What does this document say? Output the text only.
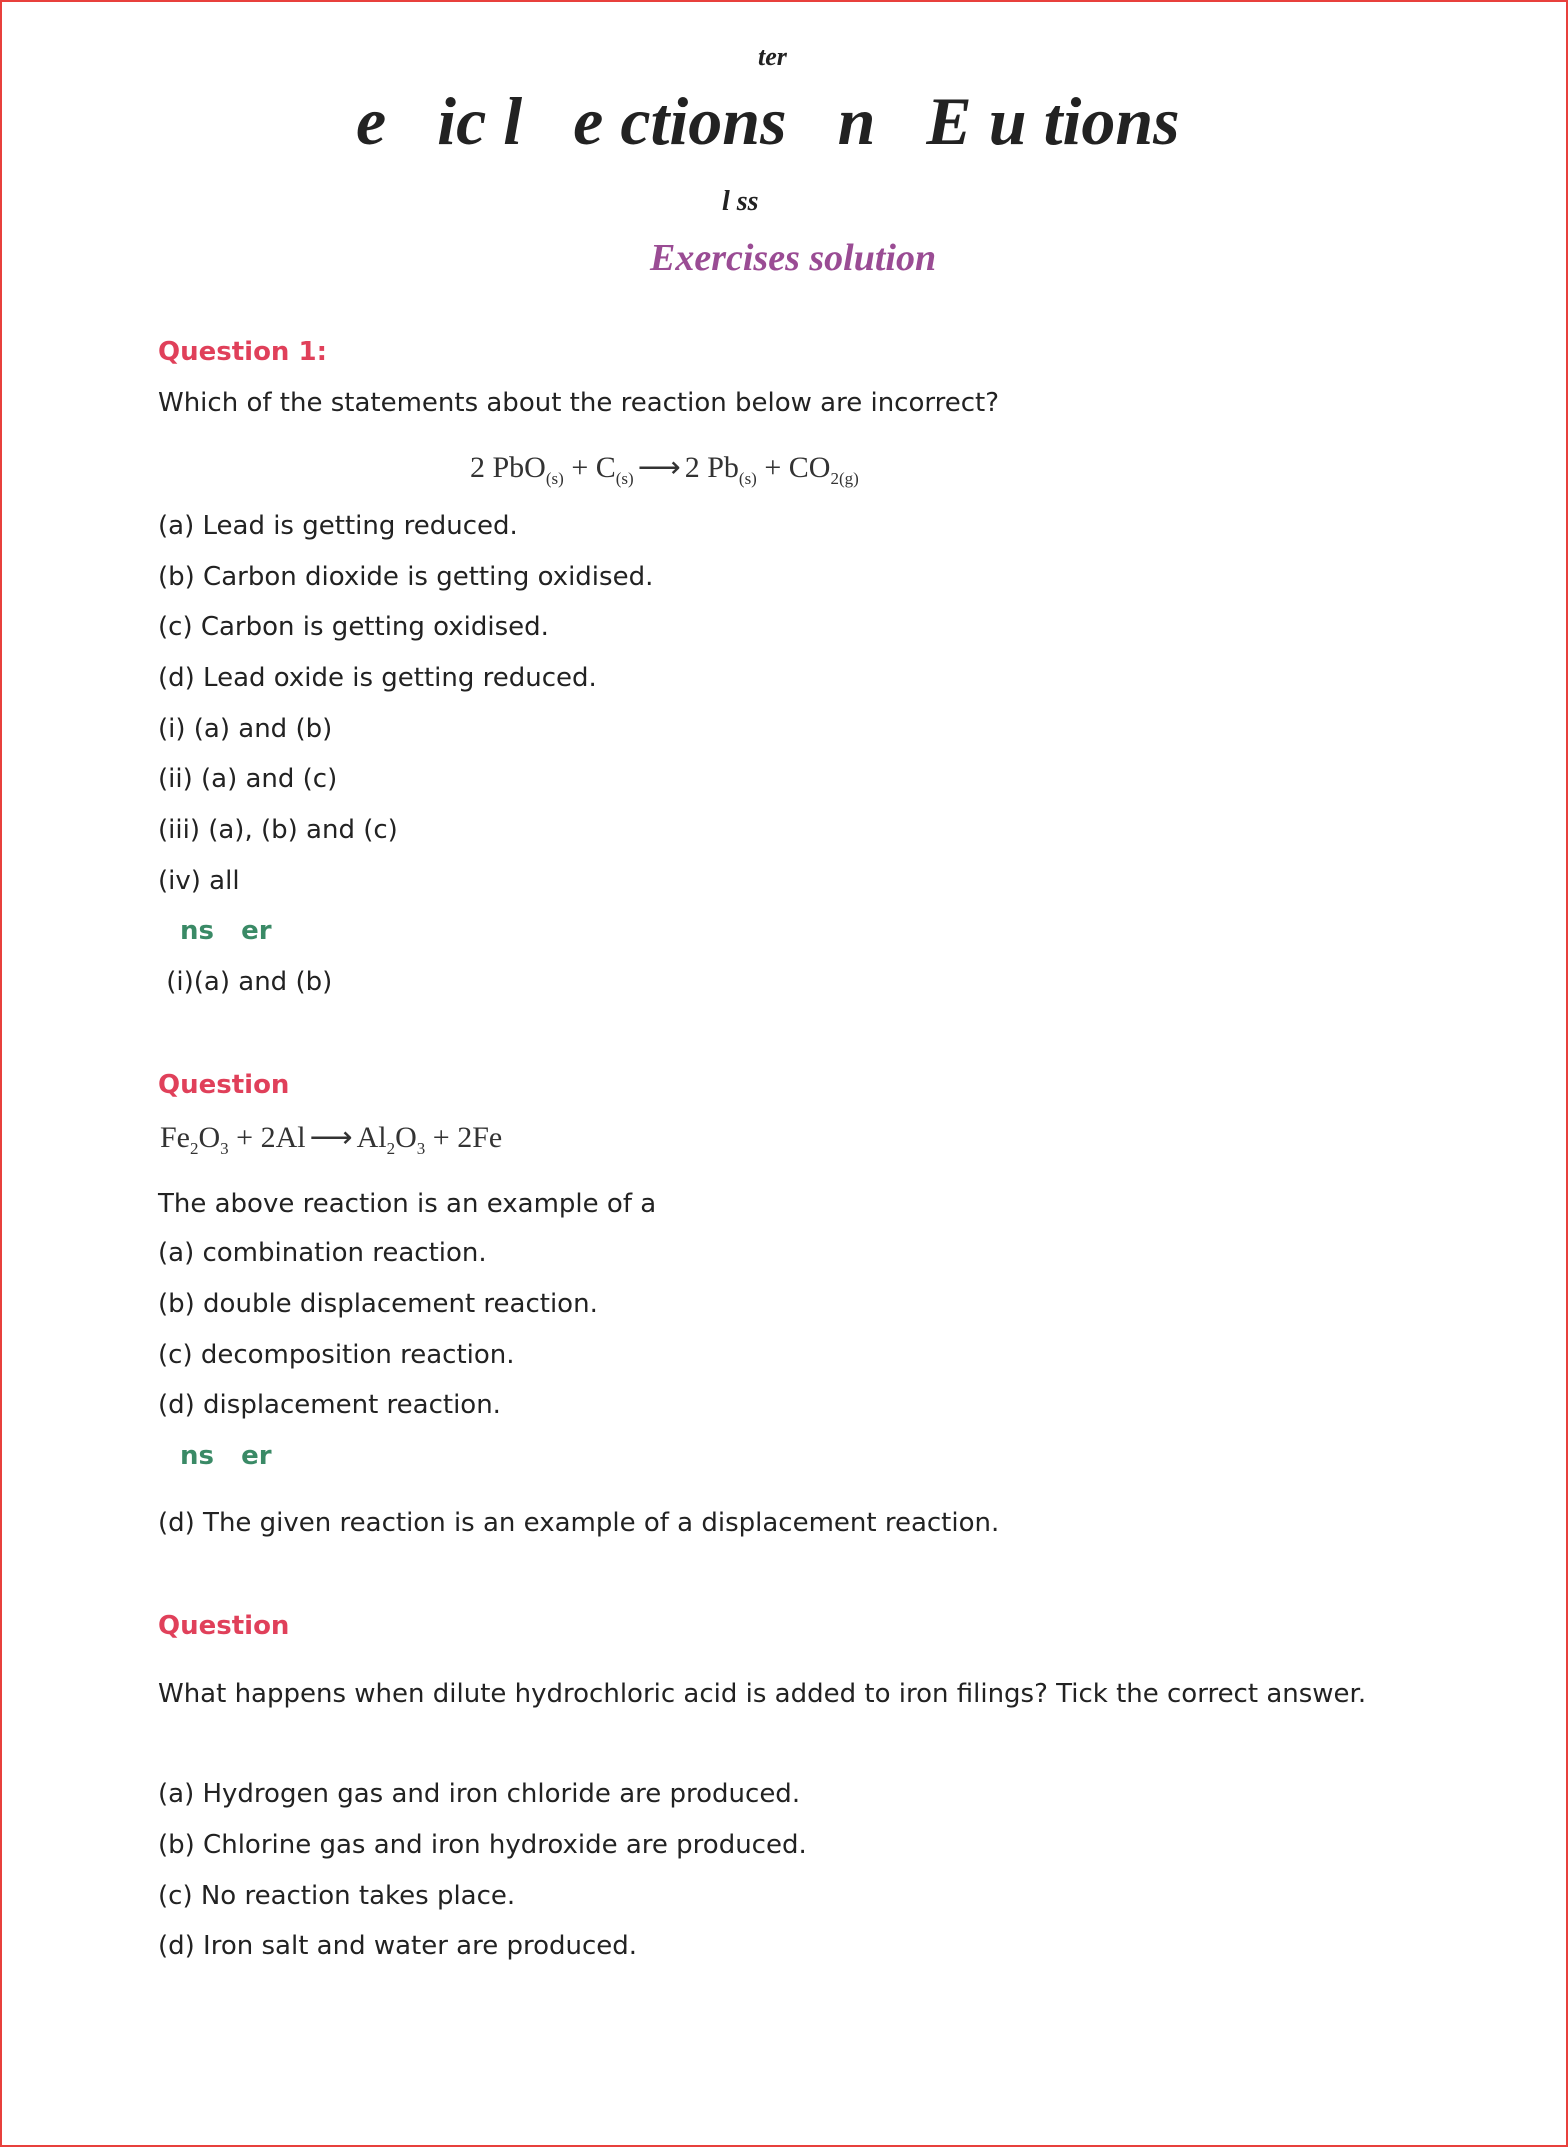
ter
e   ic l   e ctions   n   E u tions
l ss
Exercises solution
Question 1:
Which of the statements about the reaction below are incorrect?
2 $PbO_{(s)} + C_{(s)}$ ⟶ 2 $Pb_{(s)} + CO_{2(g)}$
(a) Lead is getting reduced.
(b) Carbon dioxide is getting oxidised.
(c) Carbon is getting oxidised.
(d) Lead oxide is getting reduced.
(i) (a) and (b)
(ii) (a) and (c)
(iii) (a), (b) and (c)
(iv) all
ns   er
(i)(a) and (b)
Question
$Fe_2O_3 + 2Al$ ⟶ $Al_2O_3 + 2Fe$
The above reaction is an example of a
(a) combination reaction.
(b) double displacement reaction.
(c) decomposition reaction.
(d) displacement reaction.
ns   er
(d) The given reaction is an example of a displacement reaction.
Question
What happens when dilute hydrochloric acid is added to iron filings? Tick the correct answer.
(a) Hydrogen gas and iron chloride are produced.
(b) Chlorine gas and iron hydroxide are produced.
(c) No reaction takes place.
(d) Iron salt and water are produced.
